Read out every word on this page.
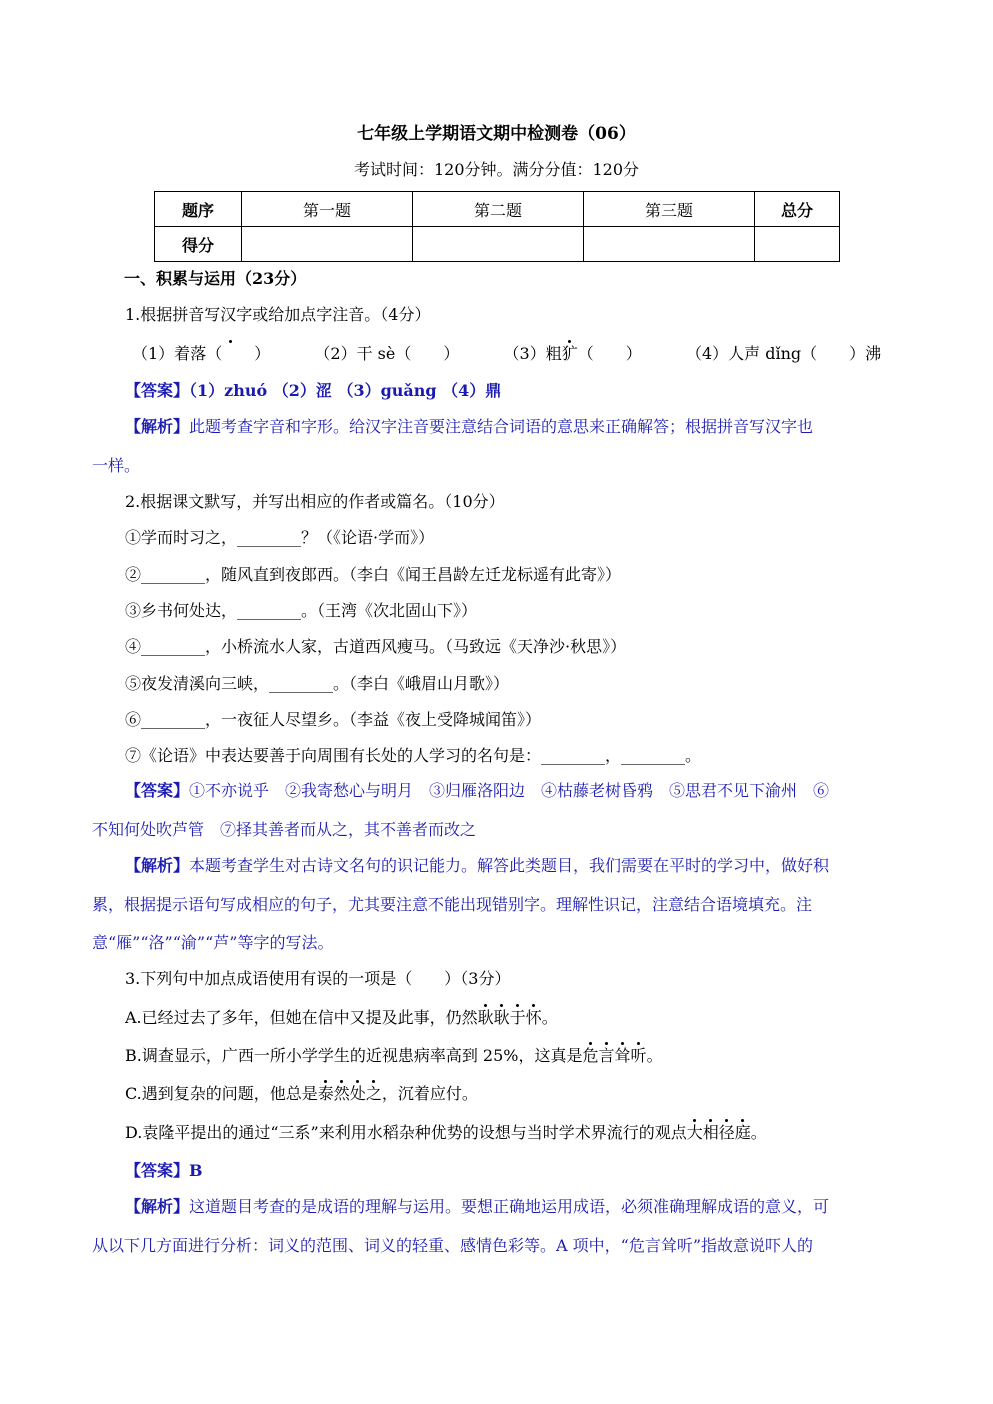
七年级上学期语文期中检测卷（06）
考试时间：120分钟。满分分值：120分
题序	第一题	第二题	第三题	总分
得分				
一、积累与运用（23分）
1.根据拼音写汉字或给加点字注音。（4分）
（1）着落（　　）	（2）干 sè（　　）	（3）粗犷（　　）	（4）人声 dǐng（　　）沸
【答案】（1）zhuó （2）涩 （3）guǎng （4）鼎
【解析】此题考查字音和字形。给汉字注音要注意结合词语的意思来正确解答；根据拼音写汉字也
一样。
2.根据课文默写，并写出相应的作者或篇名。（10分）
①学而时习之，________？（《论语·学而》）
②________，随风直到夜郎西。（李白《闻王昌龄左迁龙标遥有此寄》）
③乡书何处达，________。（王湾《次北固山下》）
④________，小桥流水人家，古道西风瘦马。（马致远《天净沙·秋思》）
⑤夜发清溪向三峡，________。（李白《峨眉山月歌》）
⑥________，一夜征人尽望乡。（李益《夜上受降城闻笛》）
⑦《论语》中表达要善于向周围有长处的人学习的名句是：________，________。
【答案】①不亦说乎　②我寄愁心与明月　③归雁洛阳边　④枯藤老树昏鸦　⑤思君不见下渝州　⑥
不知何处吹芦管　⑦择其善者而从之，其不善者而改之
【解析】本题考查学生对古诗文名句的识记能力。解答此类题目，我们需要在平时的学习中，做好积
累，根据提示语句写成相应的句子，尤其要注意不能出现错别字。理解性识记，注意结合语境填充。注
意“雁”“洛”“渝”“芦”等字的写法。
3.下列句中加点成语使用有误的一项是（　　）（3分）
A.已经过去了多年，但她在信中又提及此事，仍然耿耿于怀。
B.调查显示，广西一所小学学生的近视患病率高到 25%，这真是危言耸听。
C.遇到复杂的问题，他总是泰然处之，沉着应付。
D.袁隆平提出的通过“三系”来利用水稻杂种优势的设想与当时学术界流行的观点大相径庭。
【答案】B
【解析】这道题目考查的是成语的理解与运用。要想正确地运用成语，必须准确理解成语的意义，可
从以下几方面进行分析：词义的范围、词义的轻重、感情色彩等。A 项中，“危言耸听”指故意说吓人的
